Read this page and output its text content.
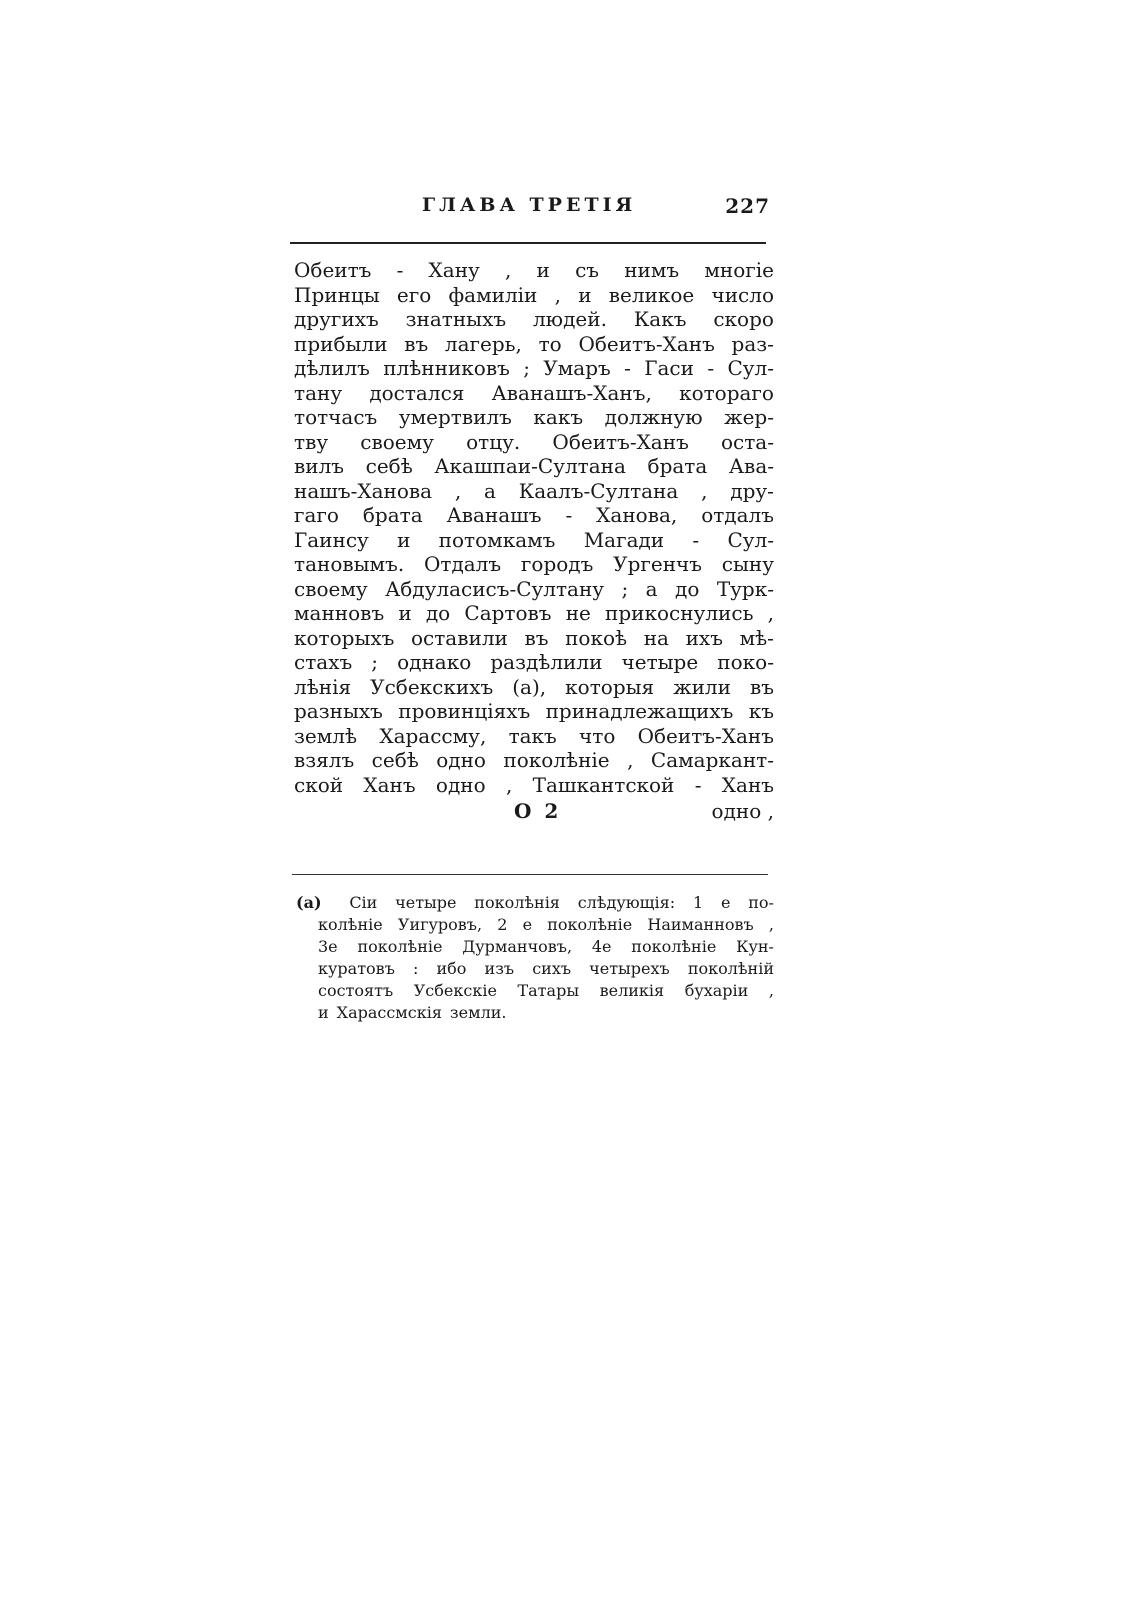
ГЛАВА ТРЕТІЯ	227
Обеитъ - Хану , и съ нимъ многіе
Принцы его фамиліи , и великое число
другихъ знатныхъ людей. Какъ скоро
прибыли въ лагерь, то Обеитъ-Ханъ раз-
дѣлилъ плѣнниковъ ; Умаръ - Гаси - Сул-
тану достался Аванашъ-Ханъ, котораго
тотчасъ умертвилъ какъ должную жер-
тву своему отцу. Обеитъ-Ханъ оста-
вилъ себѣ Акашпаи-Султана брата Ава-
нашъ-Ханова , а Каалъ-Султана , дру-
гаго брата Аванашъ - Ханова, отдалъ
Гаинсу и потомкамъ Магади - Сул-
тановымъ. Отдалъ городъ Ургенчъ сыну
своему Абдуласисъ-Султану ; а до Турк-
манновъ и до Сартовъ не прикоснулись ,
которыхъ оставили въ покоѣ на ихъ мѣ-
стахъ ; однако раздѣлили четыре поко-
лѣнія Усбекскихъ (a), которыя жили въ
разныхъ провинціяхъ принадлежащихъ къ
землѣ Харассму, такъ что Обеитъ-Ханъ
взялъ себѣ одно поколѣніе , Самаркант-
ской Ханъ одно , Ташкантской - Ханъ
О 2	одно ,
(a) Сіи четыре поколѣнія слѣдующія: 1 е по-
колѣніе Уигуровъ, 2 е поколѣніе Наиманновъ ,
3е поколѣніе Дурманчовъ, 4е поколѣніе Кун-
куратовъ : ибо изъ сихъ четырехъ поколѣній
состоятъ Усбекскіе Татары великія бухаріи ,
и Харассмскія земли.
